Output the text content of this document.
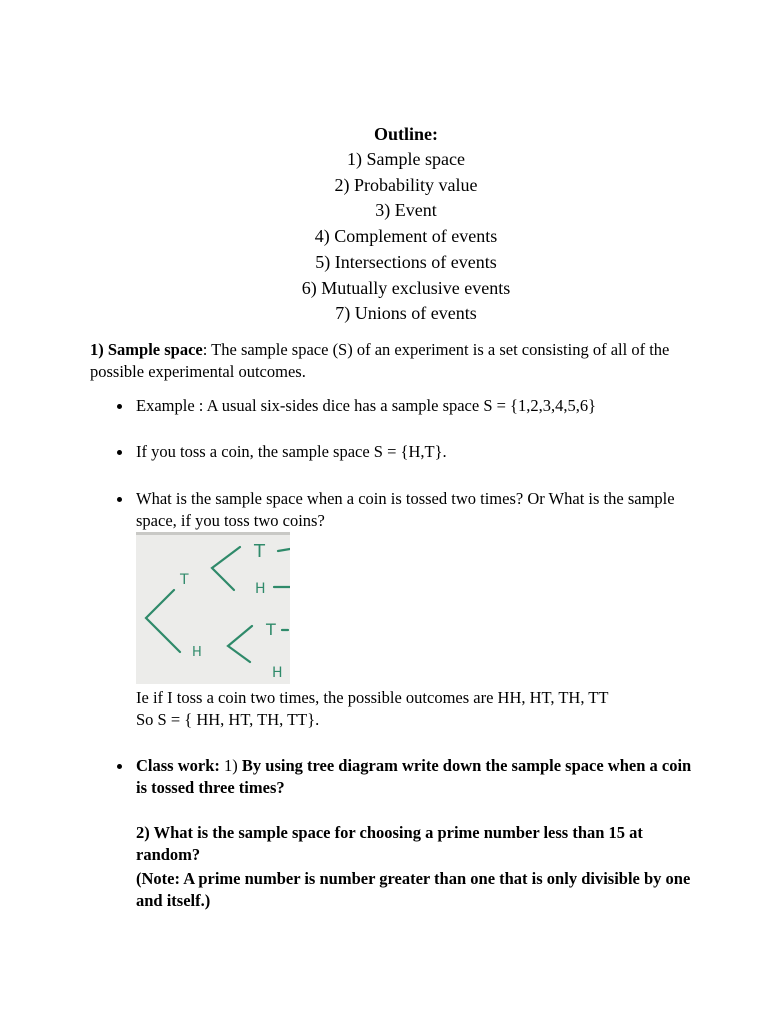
Outline:
1) Sample space
2) Probability value
3) Event
4) Complement of events
5) Intersections of events
6) Mutually exclusive events
7) Unions of events
1) Sample space: The sample space (S) of an experiment is a set consisting of all of the possible experimental outcomes.
Example : A usual six-sides dice has a sample space S = {1,2,3,4,5,6}
If you toss a coin, the sample space S = {H,T}.
What is the sample space when a coin is tossed two times? Or What is the sample space, if you toss two coins?
T
H
T
H
T
H
Ie if I toss a coin two times, the possible outcomes are HH, HT, TH, TT
So S = { HH, HT, TH, TT}.
Class work: 1) By using tree diagram write down the sample space when a coin is tossed three times?
2) What is the sample space for choosing a prime number less than 15 at random?
(Note: A prime number is number greater than one that is only divisible by one and itself.)
